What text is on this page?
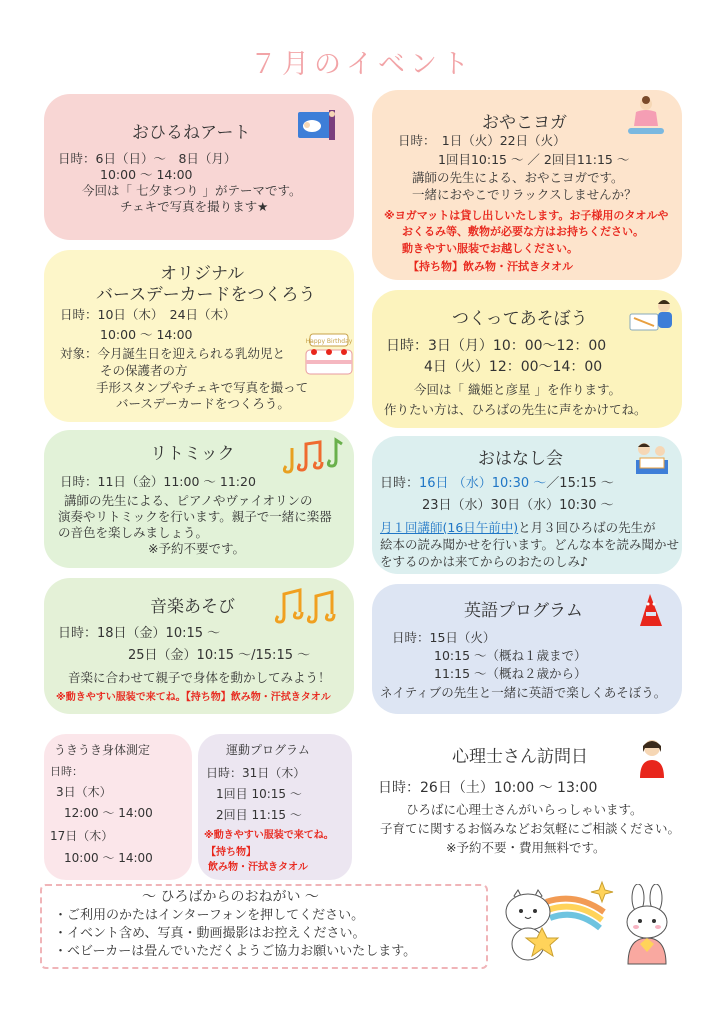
７月のイベント
おひるねアート
日時：6日（日）～　8日（月）
10:00 ～ 14:00
今回は「 七夕まつり 」がテーマです。
チェキで写真を撮ります★
おやこヨガ
日時：　1日（火）22日（火）
1回目10:15 ～ ／ 2回目11:15 ～
講師の先生による、おやこヨガです。
一緒におやこでリラックスしませんか？
※ヨガマットは貸し出しいたします。お子様用のタオルや
おくるみ等、敷物が必要な方はお持ちください。
動きやすい服装でお越しください。
【持ち物】飲み物・汗拭きタオル
オリジナル
バースデーカードをつくろう
Happy Birthday
日時：10日（木）　24日（木）
10:00 ～ 14:00
対象：今月誕生日を迎えられる乳幼児と
その保護者の方
手形スタンプやチェキで写真を撮って
バースデーカードをつくろう。
つくってあそぼう
日時：3日（月）10：00～12：00
4日（火）12：00～14：00
今回は「 織姫と彦星 」を作ります。
作りたい方は、ひろばの先生に声をかけてね。
リトミック
日時：11日（金）11:00 ～ 11:20
講師の先生による、ピアノやヴァイオリンの
演奏やリトミックを行います。親子で一緒に楽器
の音色を楽しみましょう。
※予約不要です。
おはなし会
日時：16日 （水）10:30 ～／15:15 ～
23日（水）30日（水）10:30 ～
月１回講師(16日午前中)と月３回ひろばの先生が
絵本の読み聞かせを行います。どんな本を読み聞かせ
をするのかは来てからのおたのしみ♪
音楽あそび
日時：18日（金）10:15 ～
25日（金）10:15 ～/15:15 ～
音楽に合わせて親子で身体を動かしてみよう！
※動きやすい服装で来てね。【持ち物】飲み物・汗拭きタオル
英語プログラム
日時：15日（火）
10:15 ～（概ね１歳まで）
11:15 ～（概ね２歳から）
ネイティブの先生と一緒に英語で楽しくあそぼう。
うきうき身体測定
日時：
3日（木）
12:00 ～ 14:00
17日（木）
10:00 ～ 14:00
運動プログラム
日時：31日（木）
1回目 10:15 ～
2回目 11:15 ～
※動きやすい服装で来てね。
【持ち物】
飲み物・汗拭きタオル
心理士さん訪問日
日時：26日（土）10:00 ～ 13:00
ひろばに心理士さんがいらっしゃいます。
子育てに関するお悩みなどお気軽にご相談ください。
※予約不要・費用無料です。
～ ひろばからのおねがい ～
・ご利用のかたはインターフォンを押してください。
・イベント含め、写真・動画撮影はお控えください。
・ベビーカーは畳んでいただくようご協力お願いいたします。
